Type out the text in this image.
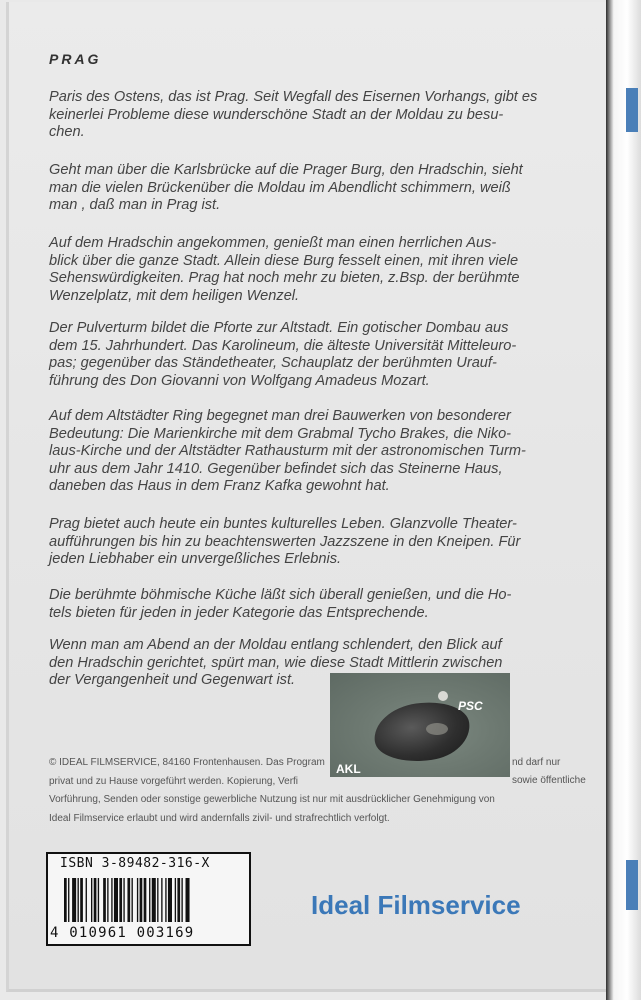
PRAG
Paris des Ostens, das ist Prag. Seit Wegfall des Eisernen Vorhangs, gibt es
keinerlei Probleme diese wunderschöne Stadt an der Moldau zu besu-
chen.
Geht man über die Karlsbrücke auf die Prager Burg, den Hradschin, sieht
man die vielen Brückenüber die Moldau im Abendlicht schimmern, weiß
man , daß man in Prag ist.
Auf dem Hradschin angekommen, genießt man einen herrlichen Aus-
blick über die ganze Stadt. Allein diese Burg fesselt einen, mit ihren viele
Sehenswürdigkeiten. Prag hat noch mehr zu bieten, z.Bsp. der berühmte
Wenzelplatz, mit dem heiligen Wenzel.
Der Pulverturm bildet die Pforte zur Altstadt. Ein gotischer Dombau aus
dem 15. Jahrhundert. Das Karolineum, die älteste Universität Mitteleuro-
pas; gegenüber das Ständetheater, Schauplatz der berühmten Urauf-
führung des Don Giovanni von Wolfgang Amadeus Mozart.
Auf dem Altstädter Ring begegnet man drei Bauwerken von besonderer
Bedeutung: Die Marienkirche mit dem Grabmal Tycho Brakes, die Niko-
laus-Kirche und der Altstädter Rathausturm mit der astronomischen Turm-
uhr aus dem Jahr 1410. Gegenüber befindet sich das Steinerne Haus,
daneben das Haus in dem Franz Kafka gewohnt hat.
Prag bietet auch heute ein buntes kulturelles Leben. Glanzvolle Theater-
aufführungen bis hin zu beachtenswerten Jazzszene in den Kneipen. Für
jeden Liebhaber ein unvergeßliches Erlebnis.
Die berühmte böhmische Küche läßt sich überall genießen, und die Ho-
tels bieten für jeden in jeder Kategorie das Entsprechende.
Wenn man am Abend an der Moldau entlang schlendert, den Blick auf
den Hradschin gerichtet, spürt man, wie diese Stadt Mittlerin zwischen
der Vergangenheit und Gegenwart ist.
© IDEAL FILMSERVICE, 84160 Frontenhausen. Das Program
privat und zu Hause vorgeführt werden. Kopierung, Verfi
Vorführung, Senden oder sonstige gewerbliche Nutzung ist nur mit ausdrücklicher Genehmigung von
Ideal Filmservice erlaubt und wird andernfalls zivil- und strafrechtlich verfolgt.
nd darf nur
sowie öffentliche
PSC
AKL
ISBN 3-89482-316-X
4 010961 003169
Ideal Filmservice
